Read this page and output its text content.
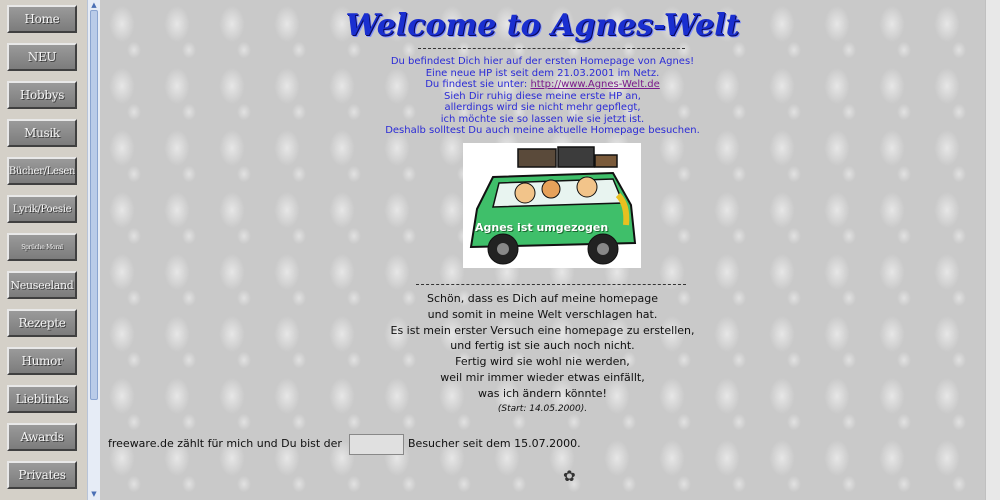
Home
NEU
Hobbys
Musik
Bücher/Lesen
Lyrik/Poesie
Sprüche Moral
Neuseeland
Rezepte
Humor
Lieblinks
Awards
Privates
▲
▼
Welcome to Agnes-Welt
Du befindest Dich hier auf der ersten Homepage von Agnes!
Eine neue HP ist seit dem 21.03.2001 im Netz.
Du findest sie unter: http://www.Agnes-Welt.de
Sieh Dir ruhig diese meine erste HP an,
allerdings wird sie nicht mehr gepflegt,
ich möchte sie so lassen wie sie jetzt ist.
Deshalb solltest Du auch meine aktuelle Homepage besuchen.
Agnes ist umgezogen
Schön, dass es Dich auf meine homepage
und somit in meine Welt verschlagen hat.
Es ist mein erster Versuch eine homepage zu erstellen,
und fertig ist sie auch noch nicht.
Fertig wird sie wohl nie werden,
weil mir immer wieder etwas einfällt,
was ich ändern könnte!
(Start: 14.05.2000).
freeware.de zählt für mich und Du bist der	Besucher seit dem 15.07.2000.
✿
